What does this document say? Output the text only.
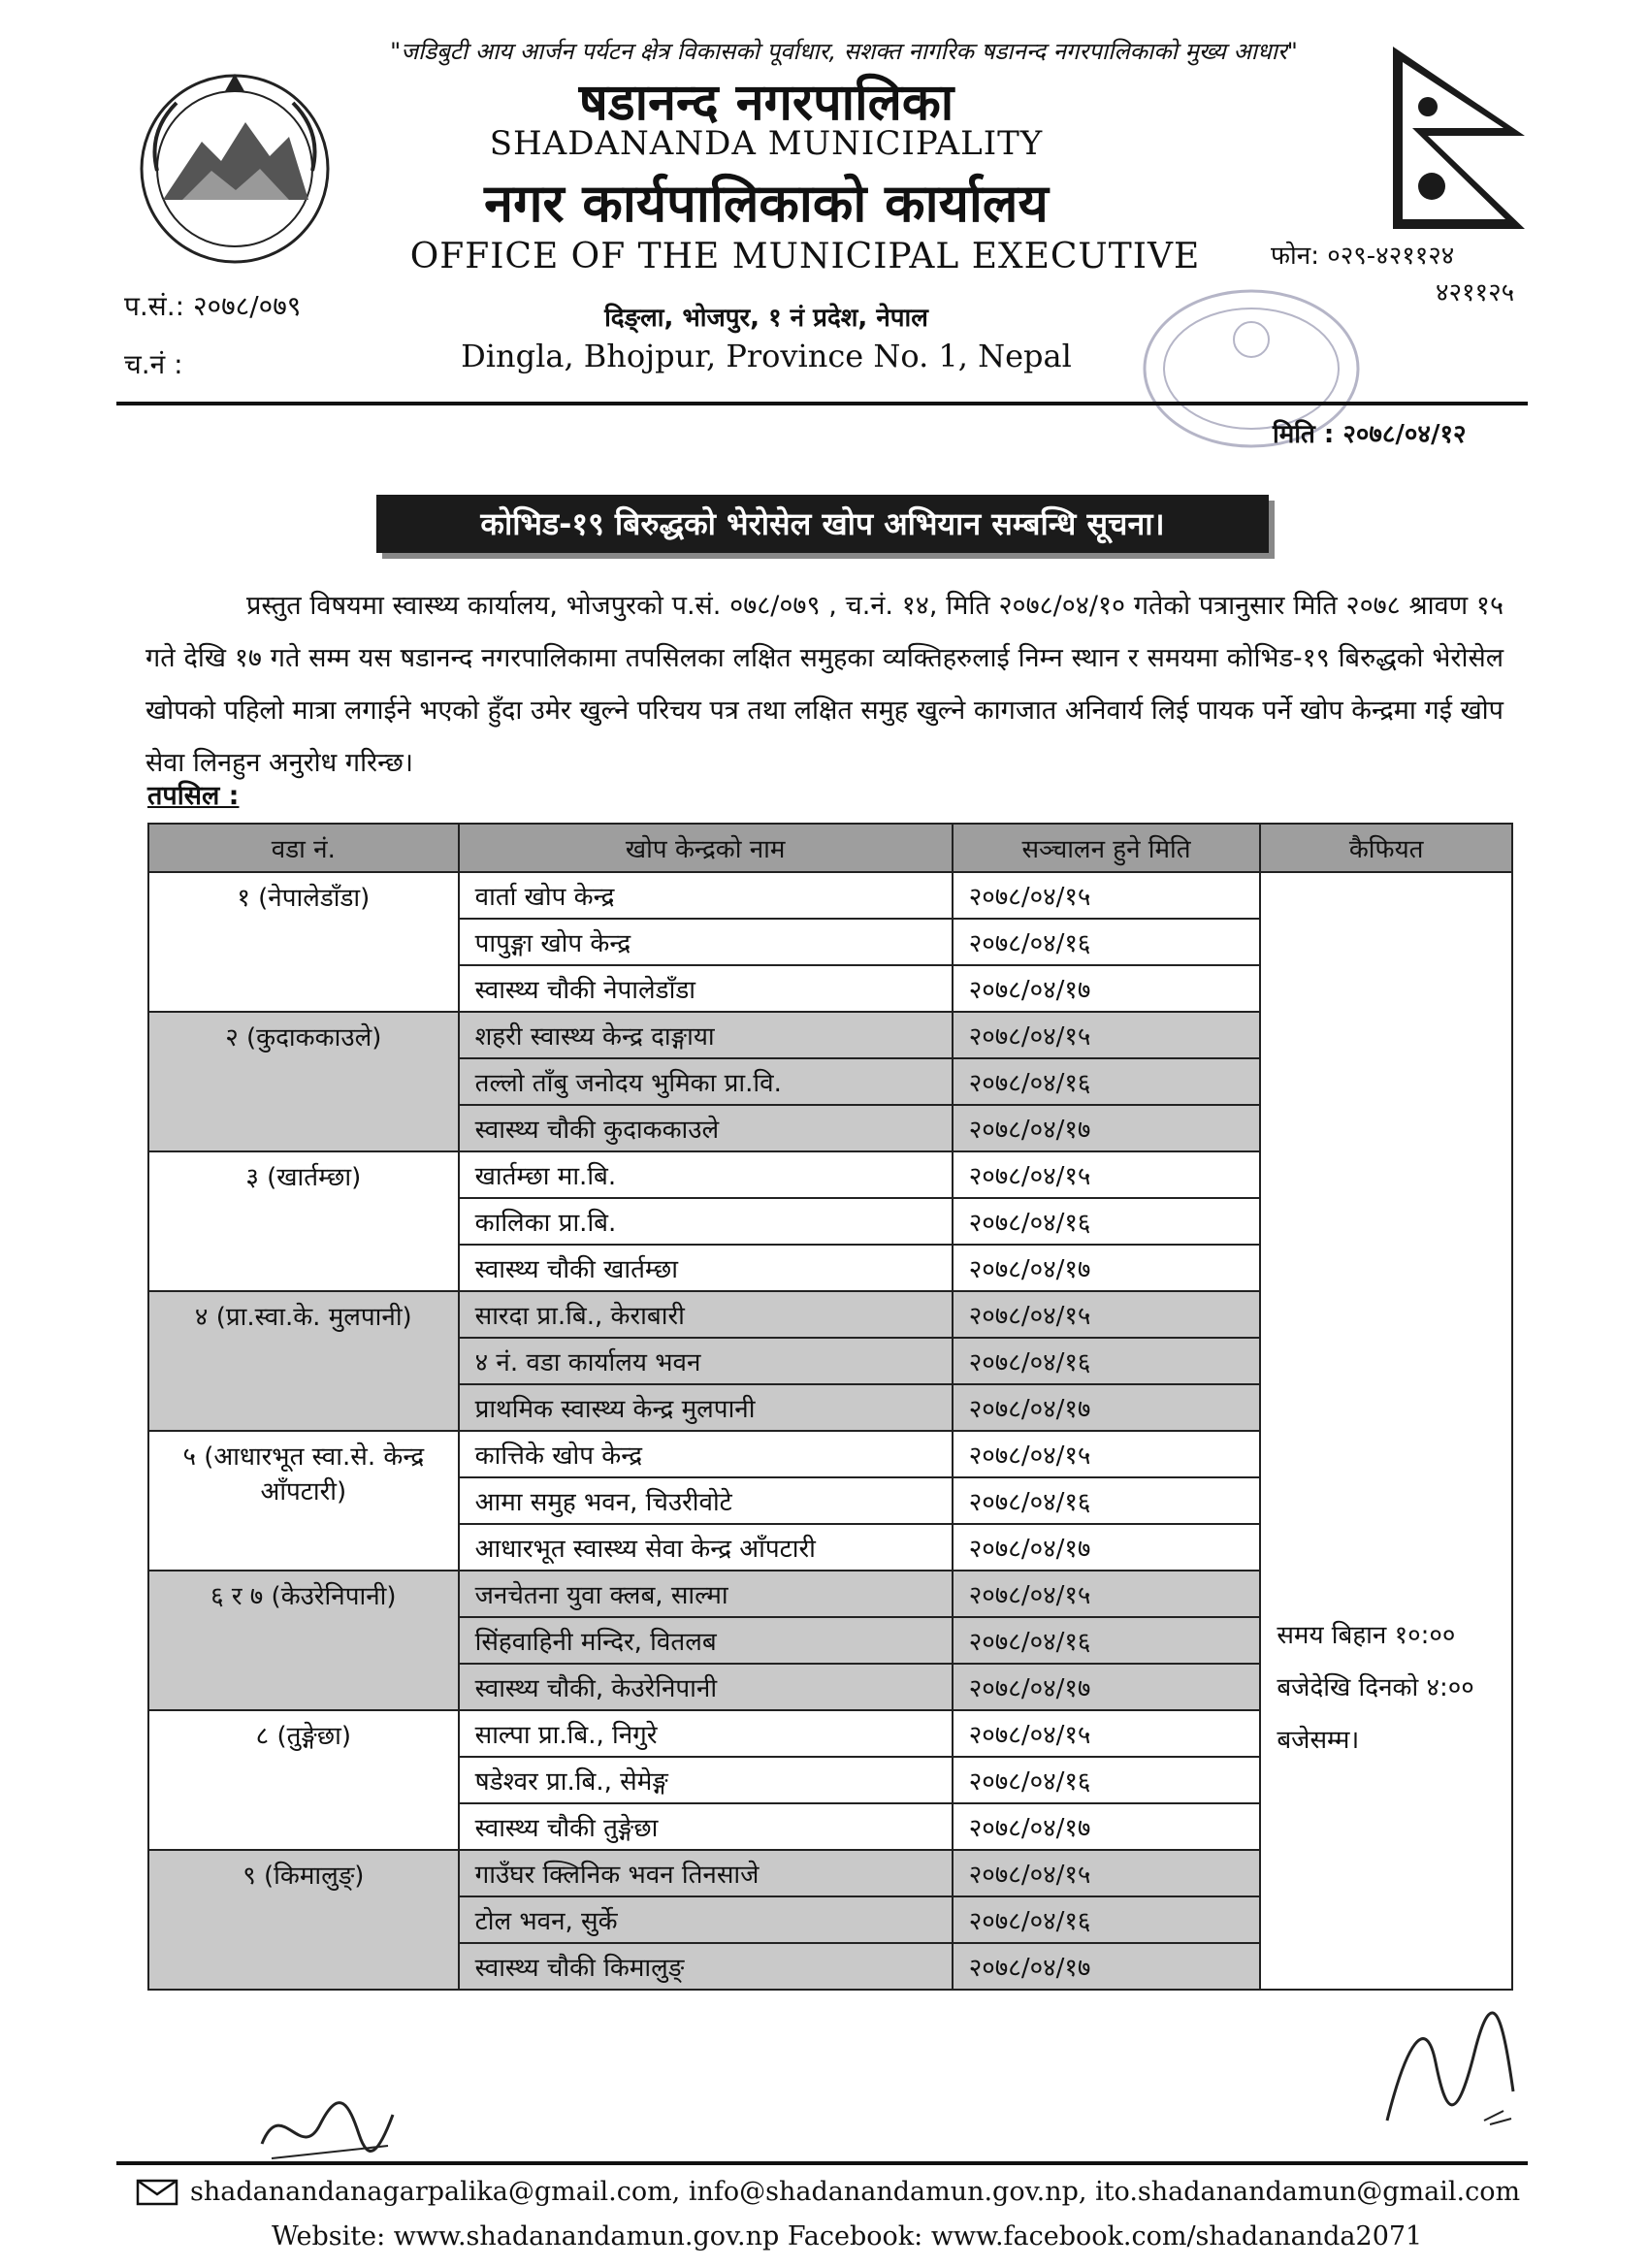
"जडिबुटी आय आर्जन पर्यटन क्षेत्र विकासको पूर्वाधार, सशक्त नागरिक षडानन्द नगरपालिकाको मुख्य आधार"
षडानन्द नगरपालिका
SHADANANDA MUNICIPALITY
नगर कार्यपालिकाको कार्यालय
OFFICE OF THE MUNICIPAL EXECUTIVE
दिङ्ला, भोजपुर, १ नं प्रदेश, नेपाल
Dingla, Bhojpur, Province No. 1, Nepal
प.सं.: २०७८/०७९
च.नं :
फोन: ०२९-४२११२४
४२११२५
मिति : २०७८/०४/१२
कोभिड-१९ बिरुद्धको भेरोसेल खोप अभियान सम्बन्धि सूचना।
प्रस्तुत विषयमा स्वास्थ्य कार्यालय, भोजपुरको प.सं. ०७८/०७९ , च.नं. १४, मिति २०७८/०४/१० गतेको पत्रानुसार मिति २०७८ श्रावण १५ गते देखि १७ गते सम्म यस षडानन्द नगरपालिकामा तपसिलका लक्षित समुहका व्यक्तिहरुलाई निम्न स्थान र समयमा कोभिड-१९ बिरुद्धको भेरोसेल खोपको पहिलो मात्रा लगाईने भएको हुँदा उमेर खुल्ने परिचय पत्र तथा लक्षित समुह खुल्ने कागजात अनिवार्य लिई पायक पर्ने खोप केन्द्रमा गई खोप सेवा लिनहुन अनुरोध गरिन्छ।
तपसिल :
वडा नं.	खोप केन्द्रको नाम	सञ्चालन हुने मिति	कैफियत
१ (नेपालेडाँडा)	वार्ता खोप केन्द्र	२०७८/०४/१५	समय बिहान १०:०० बजेदेखि दिनको ४:०० बजेसम्म।
	पापुङ्गा खोप केन्द्र	२०७८/०४/१६	
	स्वास्थ्य चौकी नेपालेडाँडा	२०७८/०४/१७	
२ (कुदाककाउले)	शहरी स्वास्थ्य केन्द्र दाङ्गाया	२०७८/०४/१५	
	तल्लो ताँबु जनोदय भुमिका प्रा.वि.	२०७८/०४/१६	
	स्वास्थ्य चौकी कुदाककाउले	२०७८/०४/१७	
३ (खार्तम्छा)	खार्तम्छा मा.बि.	२०७८/०४/१५	
	कालिका प्रा.बि.	२०७८/०४/१६	
	स्वास्थ्य चौकी खार्तम्छा	२०७८/०४/१७	
४ (प्रा.स्वा.के. मुलपानी)	सारदा प्रा.बि., केराबारी	२०७८/०४/१५	
	४ नं. वडा कार्यालय भवन	२०७८/०४/१६	
	प्राथमिक स्वास्थ्य केन्द्र मुलपानी	२०७८/०४/१७	
५ (आधारभूत स्वा.से. केन्द्र आँपटारी)	कात्तिके खोप केन्द्र	२०७८/०४/१५	
	आमा समुह भवन, चिउरीवोटे	२०७८/०४/१६	
	आधारभूत स्वास्थ्य सेवा केन्द्र आँपटारी	२०७८/०४/१७	
६ र ७ (केउरेनिपानी)	जनचेतना युवा क्लब, साल्मा	२०७८/०४/१५	
	सिंहवाहिनी मन्दिर, वितलब	२०७८/०४/१६	
	स्वास्थ्य चौकी, केउरेनिपानी	२०७८/०४/१७	
८ (तुङ्गेछा)	साल्पा प्रा.बि., निगुरे	२०७८/०४/१५	
	षडेश्वर प्रा.बि., सेमेङ्ग	२०७८/०४/१६	
	स्वास्थ्य चौकी तुङ्गेछा	२०७८/०४/१७	
९ (किमालुङ्)	गाउँघर क्लिनिक भवन तिनसाजे	२०७८/०४/१५	
	टोल भवन, सुर्के	२०७८/०४/१६	
	स्वास्थ्य चौकी किमालुङ्	२०७८/०४/१७	
shadanandanagarpalika@gmail.com, info@shadanandamun.gov.np, ito.shadanandamun@gmail.com
Website: www.shadanandamun.gov.np Facebook: www.facebook.com/shadananda2071
